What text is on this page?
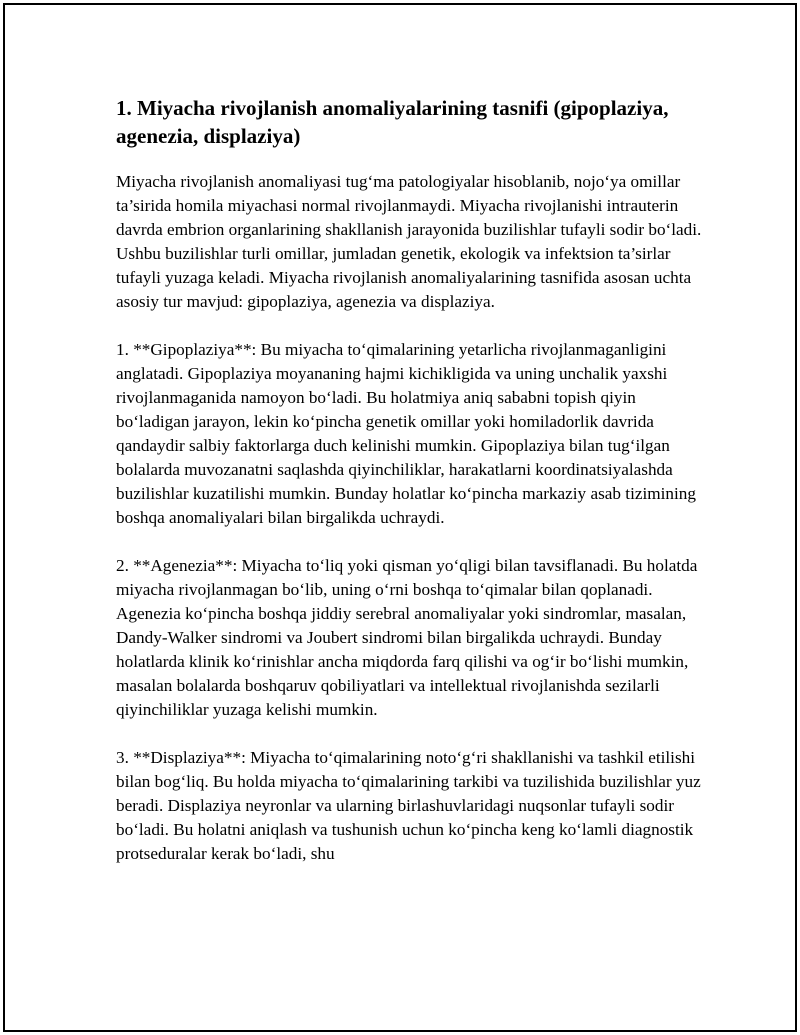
1. Miyacha rivojlanish anomaliyalarining tasnifi (gipoplaziya, agenezia, displaziya)

Miyacha rivojlanish anomaliyasi tug‘ma patologiyalar hisoblanib, nojo‘ya omillar ta’sirida homila miyachasi normal rivojlanmaydi. Miyacha rivojlanishi intrauterin davrda embrion organlarining shakllanish jarayonida buzilishlar tufayli sodir bo‘ladi. Ushbu buzilishlar turli omillar, jumladan genetik, ekologik va infektsion ta’sirlar tufayli yuzaga keladi. Miyacha rivojlanish anomaliyalarining tasnifida asosan uchta asosiy tur mavjud: gipoplaziya, agenezia va displaziya.

1. **Gipoplaziya**: Bu miyacha to‘qimalarining yetarlicha rivojlanmaganligini anglatadi. Gipoplaziya moyananing hajmi kichikligida va uning unchalik yaxshi rivojlanmaganida namoyon bo‘ladi. Bu holatmiya aniq sababni topish qiyin bo‘ladigan jarayon, lekin ko‘pincha genetik omillar yoki homiladorlik davrida qandaydir salbiy faktorlarga duch kelinishi mumkin. Gipoplaziya bilan tug‘ilgan bolalarda muvozanatni saqlashda qiyinchiliklar, harakatlarni koordinatsiyalashda buzilishlar kuzatilishi mumkin. Bunday holatlar ko‘pincha markaziy asab tizimining boshqa anomaliyalari bilan birgalikda uchraydi.

2. **Agenezia**: Miyacha to‘liq yoki qisman yo‘qligi bilan tavsiflanadi. Bu holatda miyacha rivojlanmagan bo‘lib, uning o‘rni boshqa to‘qimalar bilan qoplanadi. Agenezia ko‘pincha boshqa jiddiy serebral anomaliyalar yoki sindromlar, masalan, Dandy-Walker sindromi va Joubert sindromi bilan birgalikda uchraydi. Bunday holatlarda klinik ko‘rinishlar ancha miqdorda farq qilishi va og‘ir bo‘lishi mumkin, masalan bolalarda boshqaruv qobiliyatlari va intellektual rivojlanishda sezilarli qiyinchiliklar yuzaga kelishi mumkin.

3. **Displaziya**: Miyacha to‘qimalarining noto‘g‘ri shakllanishi va tashkil etilishi bilan bog‘liq. Bu holda miyacha to‘qimalarining tarkibi va tuzilishida buzilishlar yuz beradi. Displaziya neyronlar va ularning birlashuvlaridagi nuqsonlar tufayli sodir bo‘ladi. Bu holatni aniqlash va tushunish uchun ko‘pincha keng ko‘lamli diagnostik protseduralar kerak bo‘ladi, shu
